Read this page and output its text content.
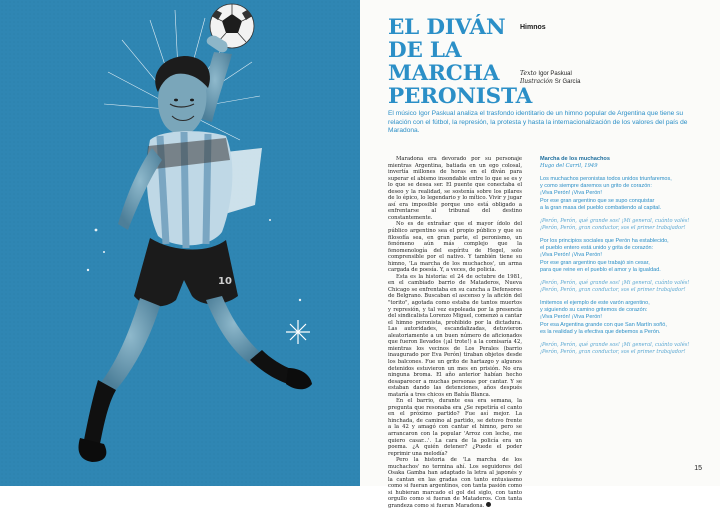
10
EL DIVÁN
DE LA MARCHA
PERONISTA
Himnos
Texto Igor Paskual
Ilustración Sr García

El músico Igor Paskual analiza el trasfondo identitario de un himno popular de Argentina que tiene su relación con el fútbol, la represión, la protesta y hasta la internacionalización de los valores del país de Maradona.

Maradona era devorado por su personaje mientras Argentina, batiada en un ego colosal, invertía millones de horas en el diván para superar el abismo insondable entre lo que se es y lo que se desea ser. El puente que conectaba el deseo y la realidad, se sostenía sobre los pilares de lo épico, lo legendario y lo mítico. Vivir y jugar así era imposible porque uno está obligado a enfrentarse al tribunal del destino constantemente.

No es de extrañar que el mayor ídolo del público argentino sea el propio público y que su filosofía sea, en gran parte, el peronismo, un fenómeno aún más complejo que la fenomenología del espíritu de Hegel, solo comprensible por el nativo. Y también tiene su himno, 'La marcha de los muchachos', un arma cargada de poesía. Y, a veces, de policía.

Esta es la historia: el 24 de octubre de 1981, en el cambiado barrio de Mataderos, Nueva Chicago se enfrentaba en su cancha a Defensores de Belgrano. Buscaban el ascenso y la afición del "torito", agotada como estaba de tantos muertos y represión, y tal vez espoleada por la presencia del sindicalista Lorenzo Miguel, comenzó a cantar el himno peronista, prohibido por la dictadura. Las autoridades, escandalizadas, detuvieron aleatoriamente a un buen número de aficionados que fueron llevados (¡al trote!) a la comisaría 42, mientras los vecinos de Los Perales (barrio inaugurado por Eva Perón) tiraban objetos desde los balcones. Fue un grito de hartazgo y algunos detenidos estuvieron un mes en prisión. No era ninguna broma. El año anterior habían hecho desaparecer a muchas personas por cantar. Y se estaban dando las detenciones, años después mataría a tres chicos en Bahía Blanca.

En el barrio, durante esa era semana, la pregunta que resonaba era ¿Se repetiría el canto en el próximo partido? Fue así mejor. La hinchada, de camino al partido, se detuvo frente a la 42 y amagó con cantar el himno, pero se arrancaron con la popular 'Arroz con leche, me quiero casar...'. La cara de la policía era un poema. ¿A quién detener? ¿Puede el poder reprimir una melodía?

Pero la historia de 'La marcha de los muchachos' no termina ahí. Los seguidores del Osaka Gamba han adaptado la letra al japonés y la cantan en las gradas con tanto entusiasmo como si fueran argentinos, con tanta pasión como si hubieran marcado el gol del siglo, con tanto orgullo como si fueran de Mataderos. Con tanta grandeza como si fueran Maradona.

Marcha de los muchachos
Hugo del Carril, 1949
Los muchachos peronistas todos unidos triunfaremos,
y como siempre daremos un grito de corazón:
¡Viva Perón! ¡Viva Perón!
Por ese gran argentino que se supo conquistar
a la gran masa del pueblo combatiendo al capital.
¡Perón, Perón, qué grande sos! ¡Mi general, cuánto valés!
¡Perón, Perón, gran conductor, sos el primer trabajador!
Por los principios sociales que Perón ha establecido,
el pueblo entero está unido y grita de corazón:
¡Viva Perón! ¡Viva Perón!
Por ese gran argentino que trabajó sin cesar,
para que reine en el pueblo el amor y la igualdad.
¡Perón, Perón, qué grande sos! ¡Mi general, cuánto valés!
¡Perón, Perón, gran conductor, sos el primer trabajador!
Imitemos el ejemplo de este varón argentino,
y siguiendo su camino gritemos de corazón:
¡Viva Perón! ¡Viva Perón!
Por esa Argentina grande con que San Martín soñó,
es la realidad y la efectiva que debemos a Perón.
¡Perón, Perón, qué grande sos! ¡Mi general, cuánto valés!
¡Perón, Perón, gran conductor, sos el primer trabajador!
15
